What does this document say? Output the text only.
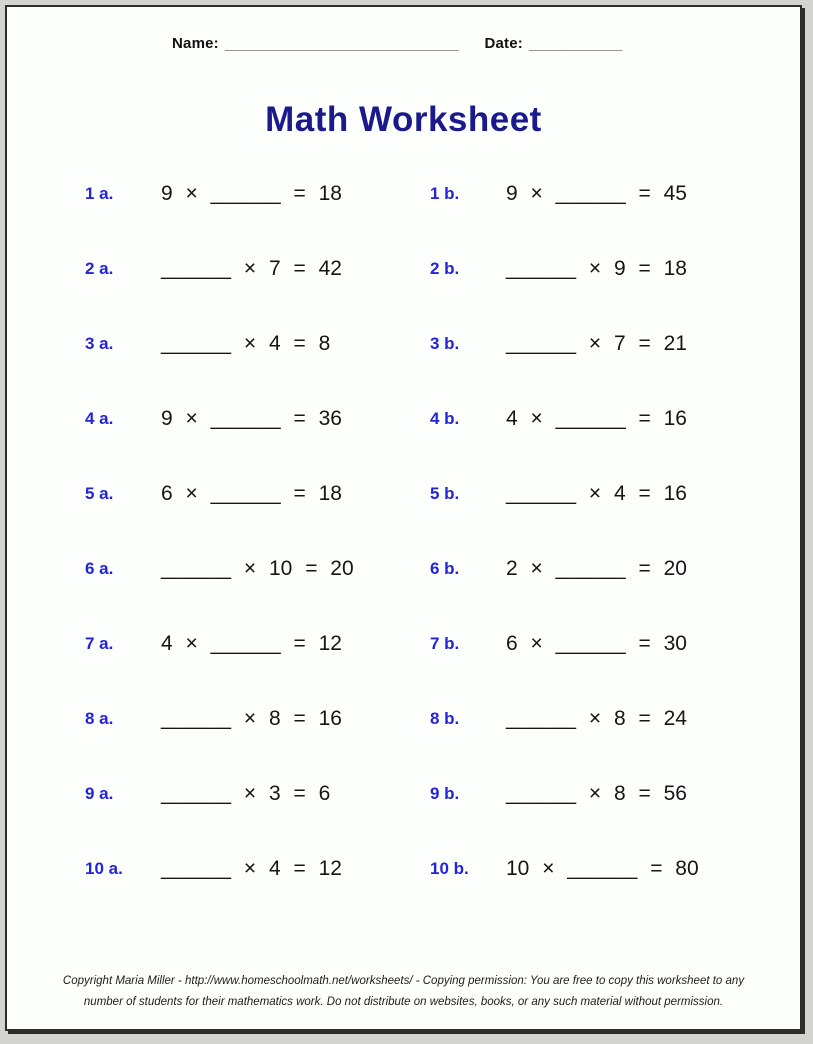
Name: ______________________________ Date: ____________
Math Worksheet
1 a.	9 × ______ = 18	1 b.	9 × ______ = 45
2 a.	______ × 7 = 42	2 b.	______ × 9 = 18
3 a.	______ × 4 = 8	3 b.	______ × 7 = 21
4 a.	9 × ______ = 36	4 b.	4 × ______ = 16
5 a.	6 × ______ = 18	5 b.	______ × 4 = 16
6 a.	______ × 10 = 20	6 b.	2 × ______ = 20
7 a.	4 × ______ = 12	7 b.	6 × ______ = 30
8 a.	______ × 8 = 16	8 b.	______ × 8 = 24
9 a.	______ × 3 = 6	9 b.	______ × 8 = 56
10 a.	______ × 4 = 12	10 b.	10 × ______ = 80
Copyright Maria Miller - http://www.homeschoolmath.net/worksheets/ - Copying permission: You are free to copy this worksheet to any
number of students for their mathematics work. Do not distribute on websites, books, or any such material without permission.
